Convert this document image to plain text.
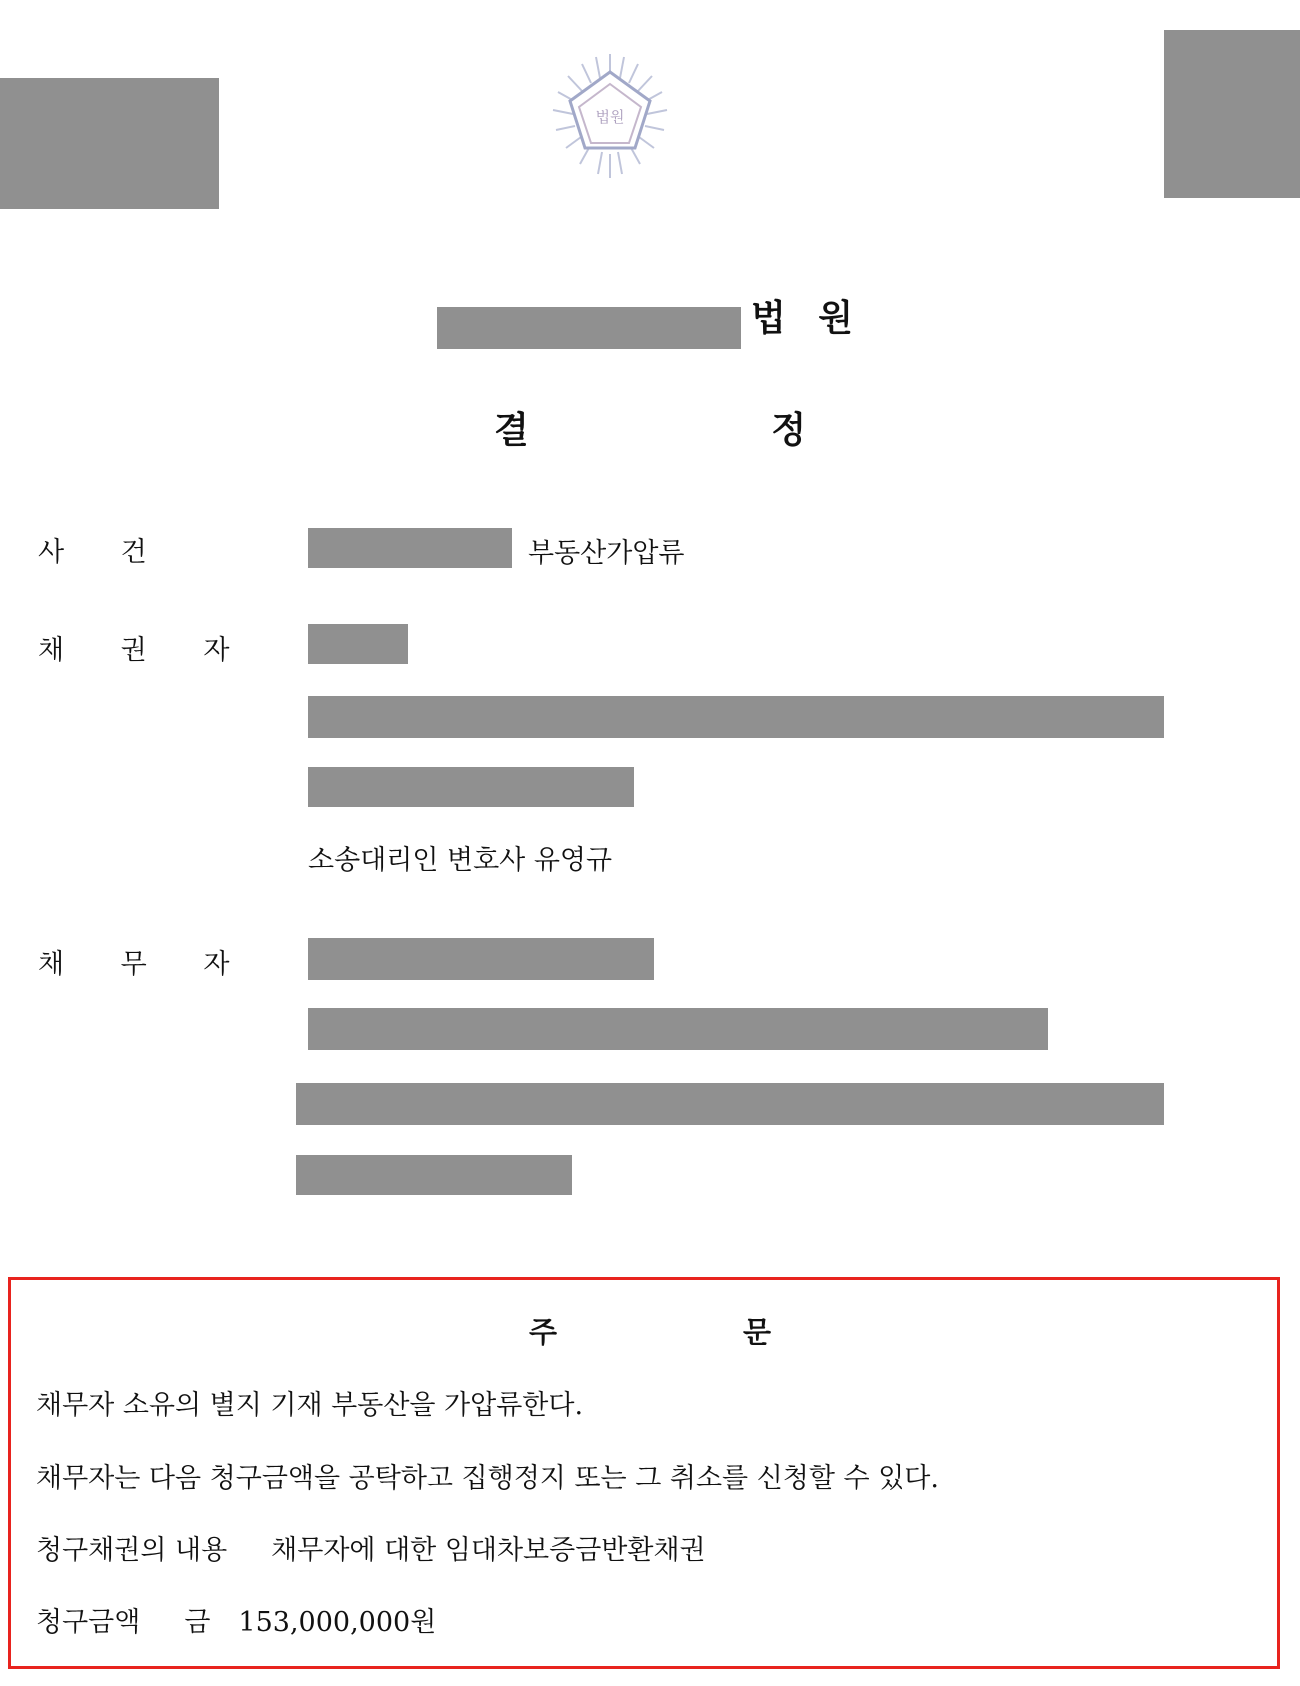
법원
법 원
결 정
사 건	부동산가압류
채 권 자
소송대리인 변호사 유영규
채 무 자
주 문
채무자 소유의 별지 기재 부동산을 가압류한다.
채무자는 다음 청구금액을 공탁하고 집행정지 또는 그 취소를 신청할 수 있다.
청구채권의 내용 채무자에 대한 임대차보증금반환채권
청구금액 금 153,000,000원
